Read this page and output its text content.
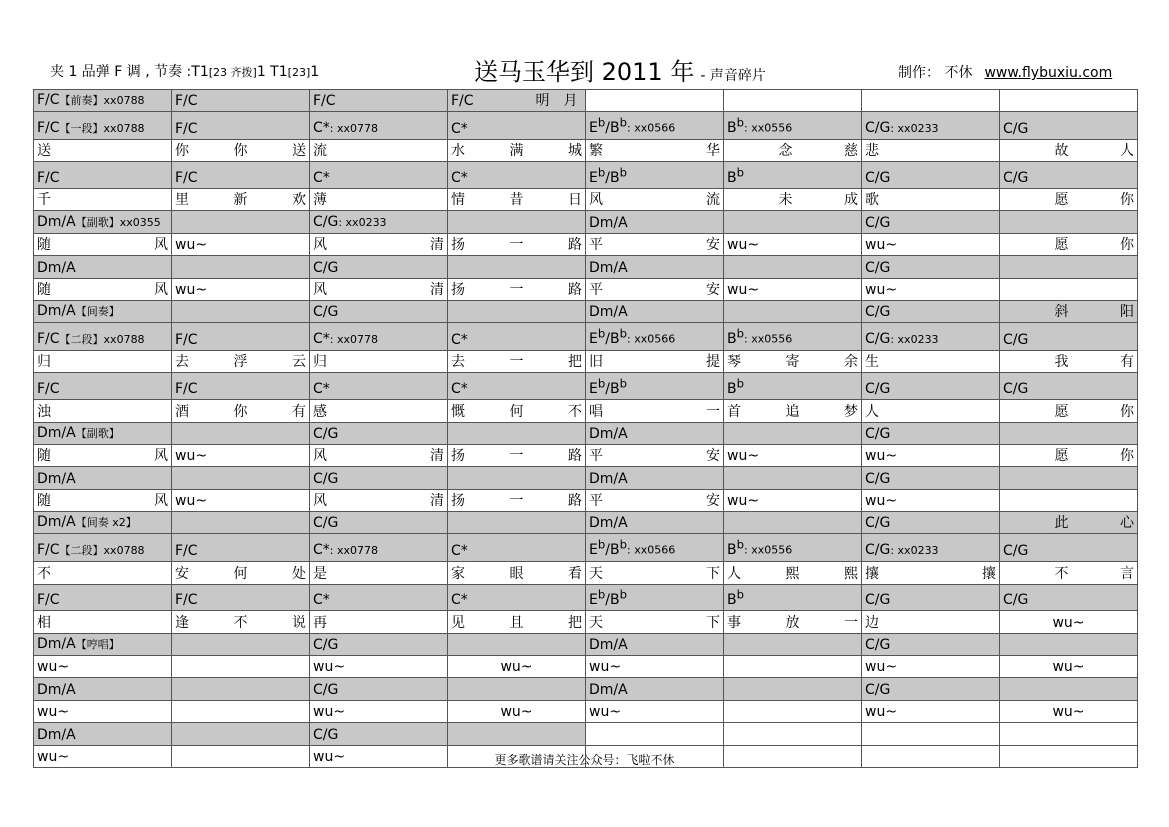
夹 1 品弹 F 调 , 节奏 :T1[23 齐拨]1 T1[23]1	送马玉华到 2011 年 - 声音碎片	制作： 不休 www.flybuxiu.com
F/C【前奏】xx0788	F/C	F/C	F/C 明　月				
F/C【一段】xx0788	F/C	C*: xx0778	C*	$E^b/B^b$: xx0566	$B^b$: xx0556	C/G: xx0233	C/G
送	你 你 送	流	水 满 城	繁 华	念 慈	悲	故 人

F/C	F/C	C*	C*	$E^b/B^b$	$B^b$	C/G	C/G
千	里 新 欢	薄	情 昔 日	风 流	未 成	歌	愿 你

Dm/A【副歌】xx0355		C/G: xx0233		Dm/A		C/G	

随 风	wu~	风 清	扬 一 路	平 安	wu~	wu~	愿 你

Dm/A		C/G		Dm/A		C/G	

随 风	wu~	风 清	扬 一 路	平 安	wu~	wu~	
Dm/A【间奏】		C/G		Dm/A		C/G	斜 阳

F/C【二段】xx0788	F/C	C*: xx0778	C*	$E^b/B^b$: xx0566	$B^b$: xx0556	C/G: xx0233	C/G
归	去 浮 云	归	去 一 把	旧 提	琴 寄 余	生	我 有

F/C	F/C	C*	C*	$E^b/B^b$	$B^b$	C/G	C/G
浊	酒 你 有	感	慨 何 不	唱 一	首 追 梦	人	愿 你

Dm/A【副歌】		C/G		Dm/A		C/G	

随 风	wu~	风 清	扬 一 路	平 安	wu~	wu~	愿 你

Dm/A		C/G		Dm/A		C/G	

随 风	wu~	风 清	扬 一 路	平 安	wu~	wu~	
Dm/A【间奏 x2】		C/G		Dm/A		C/G	此 心

F/C【二段】xx0788	F/C	C*: xx0778	C*	$E^b/B^b$: xx0566	$B^b$: xx0556	C/G: xx0233	C/G
不	安 何 处	是	家 眼 看	天 下	人 熙 熙	攘 攘	不 言

F/C	F/C	C*	C*	$E^b/B^b$	$B^b$	C/G	C/G
相	逢 不 说	再	见 且 把	天 下	事 放 一	边	wu~
Dm/A【哼唱】		C/G		Dm/A		C/G	
wu~		wu~	wu~	wu~		wu~	wu~
Dm/A		C/G		Dm/A		C/G	
wu~		wu~	wu~	wu~		wu~	wu~
Dm/A		C/G					
wu~		wu~						更多歌谱请关注公众号：飞啦不休
